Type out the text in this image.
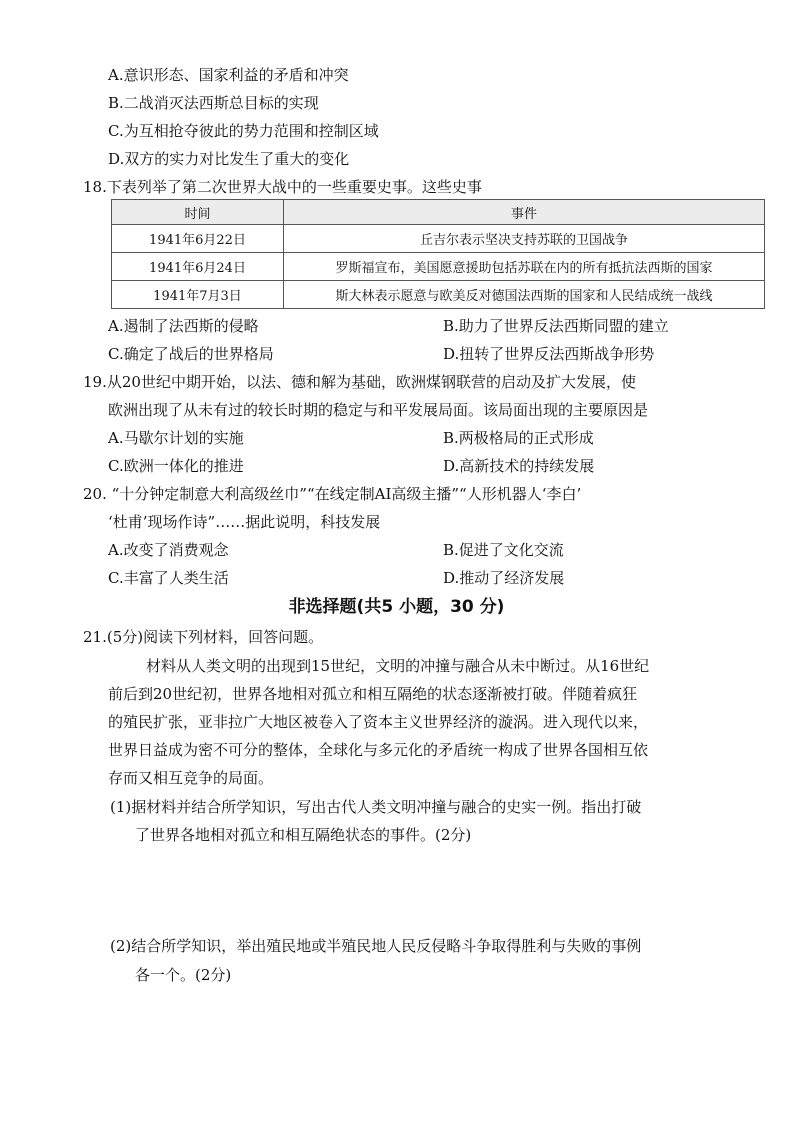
A.意识形态、国家利益的矛盾和冲突
B.二战消灭法西斯总目标的实现
C.为互相抢夺彼此的势力范围和控制区域
D.双方的实力对比发生了重大的变化
18.下表列举了第二次世界大战中的一些重要史事。这些史事
时间	事件
1941年6月22日	丘吉尔表示坚决支持苏联的卫国战争
1941年6月24日	罗斯福宣布，美国愿意援助包括苏联在内的所有抵抗法西斯的国家
1941年7月3日	斯大林表示愿意与欧美反对德国法西斯的国家和人民结成统一战线
A.遏制了法西斯的侵略	B.助力了世界反法西斯同盟的建立
C.确定了战后的世界格局	D.扭转了世界反法西斯战争形势
19.从20世纪中期开始，以法、德和解为基础，欧洲煤钢联营的启动及扩大发展，使
欧洲出现了从未有过的较长时期的稳定与和平发展局面。该局面出现的主要原因是
A.马歇尔计划的实施	B.两极格局的正式形成
C.欧洲一体化的推进	D.高新技术的持续发展
20. “十分钟定制意大利高级丝巾”“在线定制AI高级主播”“人形机器人‘李白’
‘杜甫’现场作诗”……据此说明，科技发展
A.改变了消费观念	B.促进了文化交流
C.丰富了人类生活	D.推动了经济发展
非选择题(共5 小题，30 分)
21.(5分)阅读下列材料，回答问题。
材料从人类文明的出现到15世纪，文明的冲撞与融合从未中断过。从16世纪
前后到20世纪初，世界各地相对孤立和相互隔绝的状态逐渐被打破。伴随着疯狂
的殖民扩张，亚非拉广大地区被卷入了资本主义世界经济的漩涡。进入现代以来，
世界日益成为密不可分的整体，全球化与多元化的矛盾统一构成了世界各国相互依
存而又相互竞争的局面。
(1)据材料并结合所学知识，写出古代人类文明冲撞与融合的史实一例。指出打破
了世界各地相对孤立和相互隔绝状态的事件。(2分)
(2)结合所学知识，举出殖民地或半殖民地人民反侵略斗争取得胜利与失败的事例
各一个。(2分)
